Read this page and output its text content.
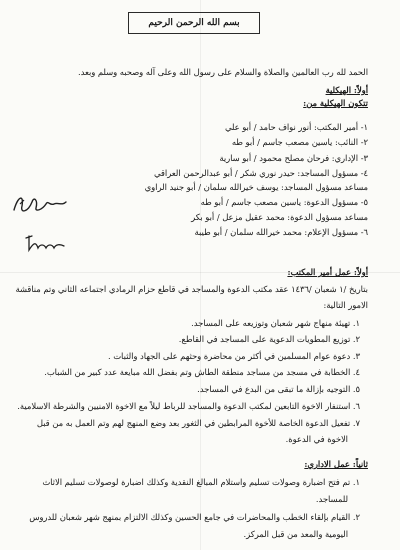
بسم الله الرحمن الرحيم

الحمد لله رب العالمين والصلاة والسلام على رسول الله وعلى آله وصحبه وسلم وبعد.

أولاً: الهيكلية

تتكون الهيكلية من:

١- أمير المكتب: أنور نواف حامد / أبو علي

٢- النائب: ياسين مصعب جاسم / أبو طه

٣- الإداري: فرحان مصلح محمود / أبو سارية

٤- مسؤول المساجد: حيدر نوري شكر / أبو عبدالرحمن العراقي

مساعد مسؤول المساجد: يوسف خيرالله سلمان / أبو جنيد الراوي

٥- مسؤول الدعوة: ياسين مصعب جاسم / أبو طه

مساعد مسؤول الدعوة: محمد عقيل مزعل / أبو بكر

٦- مسؤول الإعلام: محمد خيرالله سلمان / أبو طيبة

أولاً: عمل أمير المكتب:

بتاريخ /١ شعبان /١٤٣٦ عقد مكتب الدعوة والمساجد في قاطع حزام الرمادي اجتماعه الثاني وتم مناقشة

الامور التالية:

١. تهيئة منهاج شهر شعبان وتوزيعه على المساجد.

٢. توزيع المطويات الدعوية على المساجد في القاطع.

٣. دعوة عوام المسلمين في أكثر من محاضرة وحثهم على الجهاد والثبات .

٤. الخطابة في مسجد من مساجد منطقة الطاش وتم بفضل الله مبايعة عدد كبير من الشباب.

٥. التوجيه بإزالة ما تبقى من البدع في المساجد.

٦. استنفار الاخوة التابعين لمكتب الدعوة والمساجد للرباط ليلاً مع الاخوة الامنيين والشرطة الاسلامية.

٧. تفعيل الدعوة الخاصة للأخوة المرابطين في الثغور بعد وضع المنهج لهم وتم العمل به من قبل

الاخوة في الدعوة.

ثانياً: عمل الاداري:

١. تم فتح اضبارة وصولات تسليم واستلام المبالغ النقدية وكذلك اضبارة لوصولات تسليم الاثاث

للمساجد.

٢. القيام بإلقاء الخطب والمحاضرات في جامع الحسين وكذلك الالتزام بمنهج شهر شعبان للدروس

اليومية والمعد من قبل المركز.
